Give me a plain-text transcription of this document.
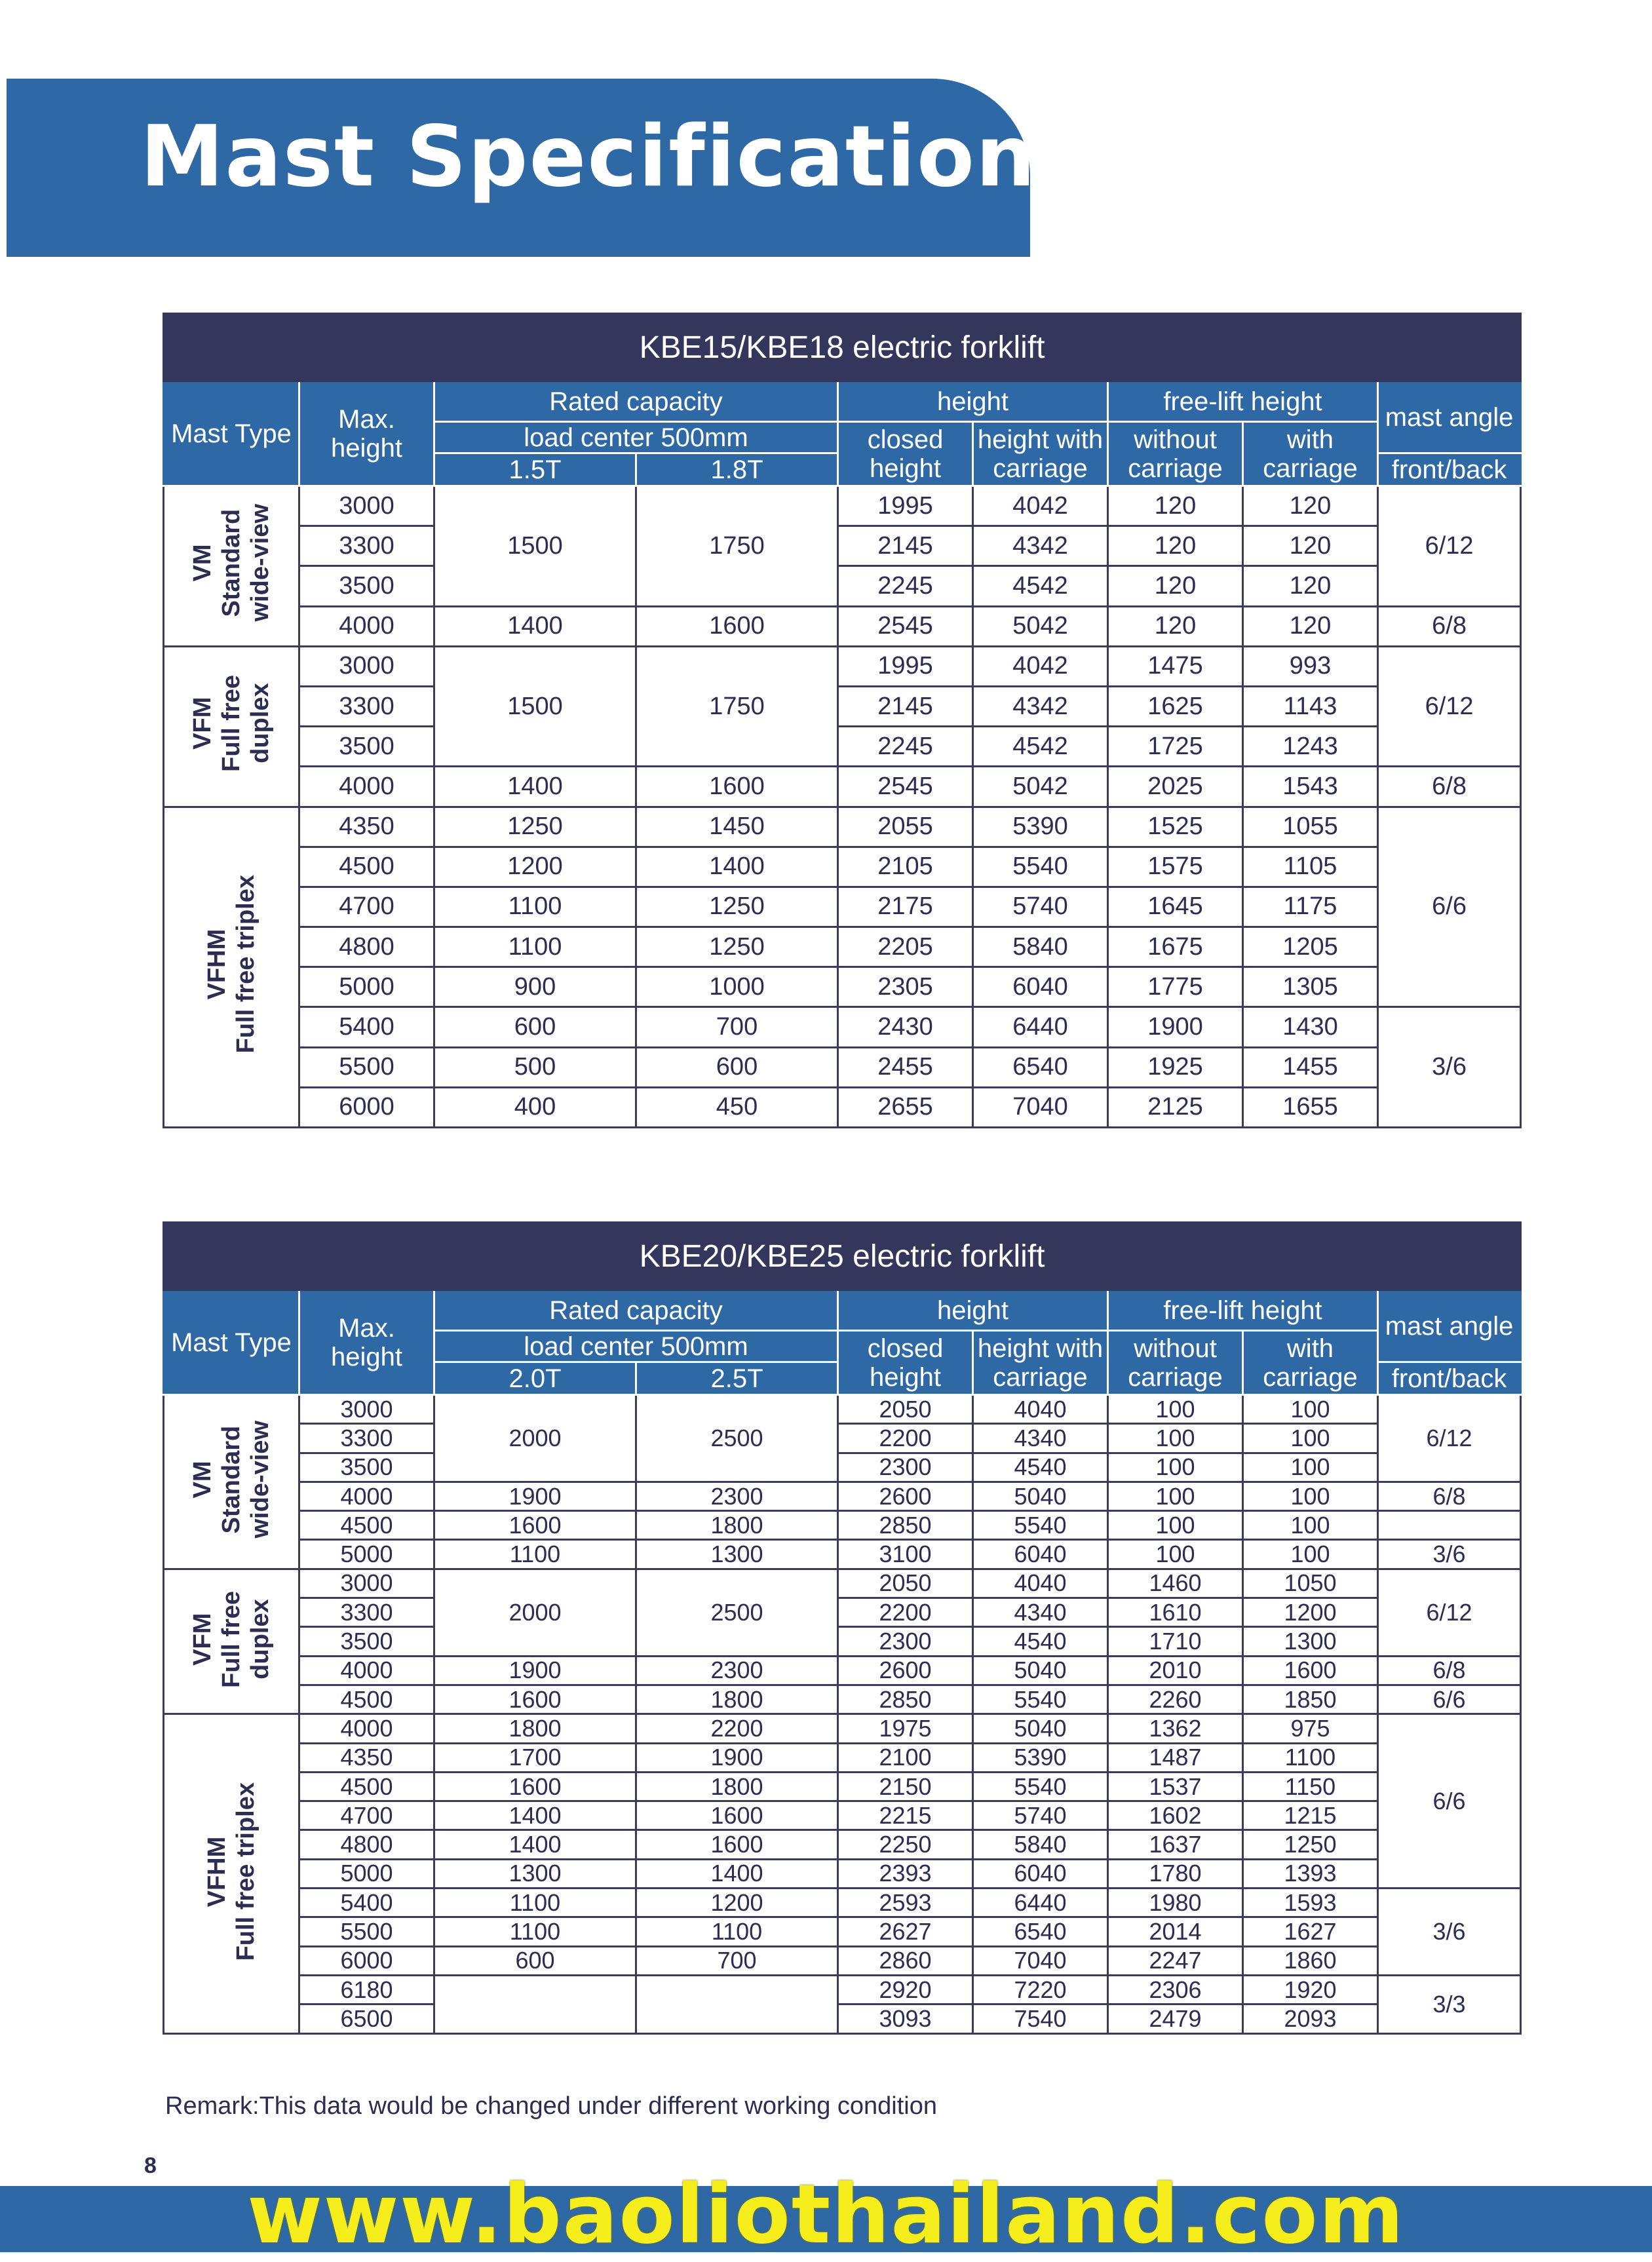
Mast Specifications
KBE15/KBE18 electric forklift								
Mast Type	Max. height	Rated capacity		height		free-lift height		mast angle
		load center 500mm		closed height	height with carriage	without carriage	with carriage	
		1.5T	1.8T					front/back
VM
Standard
wide-view	3000	1500	1750	1995	4042	120	120	6/12
	3300			2145	4342	120	120	
	3500			2245	4542	120	120	
	4000	1400	1600	2545	5042	120	120	6/8
VFM
Full free
duplex	3000	1500	1750	1995	4042	1475	993	6/12
	3300			2145	4342	1625	1143	
	3500			2245	4542	1725	1243	
	4000	1400	1600	2545	5042	2025	1543	6/8
VFHM
Full free triplex	4350	1250	1450	2055	5390	1525	1055	6/6
	4500	1200	1400	2105	5540	1575	1105	
	4700	1100	1250	2175	5740	1645	1175	
	4800	1100	1250	2205	5840	1675	1205	
	5000	900	1000	2305	6040	1775	1305	
	5400	600	700	2430	6440	1900	1430	3/6
	5500	500	600	2455	6540	1925	1455	
	6000	400	450	2655	7040	2125	1655	
KBE20/KBE25 electric forklift								
Mast Type	Max. height	Rated capacity		height		free-lift height		mast angle
		load center 500mm		closed height	height with carriage	without carriage	with carriage	
		2.0T	2.5T					front/back
VM
Standard
wide-view	3000	2000	2500	2050	4040	100	100	6/12
	3300			2200	4340	100	100	
	3500			2300	4540	100	100	
	4000	1900	2300	2600	5040	100	100	6/8
	4500	1600	1800	2850	5540	100	100	
	5000	1100	1300	3100	6040	100	100	3/6
VFM
Full free
duplex	3000	2000	2500	2050	4040	1460	1050	6/12
	3300			2200	4340	1610	1200	
	3500			2300	4540	1710	1300	
	4000	1900	2300	2600	5040	2010	1600	6/8
	4500	1600	1800	2850	5540	2260	1850	6/6
VFHM
Full free triplex	4000	1800	2200	1975	5040	1362	975	6/6
	4350	1700	1900	2100	5390	1487	1100	
	4500	1600	1800	2150	5540	1537	1150	
	4700	1400	1600	2215	5740	1602	1215	
	4800	1400	1600	2250	5840	1637	1250	
	5000	1300	1400	2393	6040	1780	1393	
	5400	1100	1200	2593	6440	1980	1593	3/6
	5500	1100	1100	2627	6540	2014	1627	
	6000	600	700	2860	7040	2247	1860	
	6180			2920	7220	2306	1920	3/3
	6500			3093	7540	2479	2093	
Remark:This data would be changed under different working condition
8
www.baoliothailand.com
